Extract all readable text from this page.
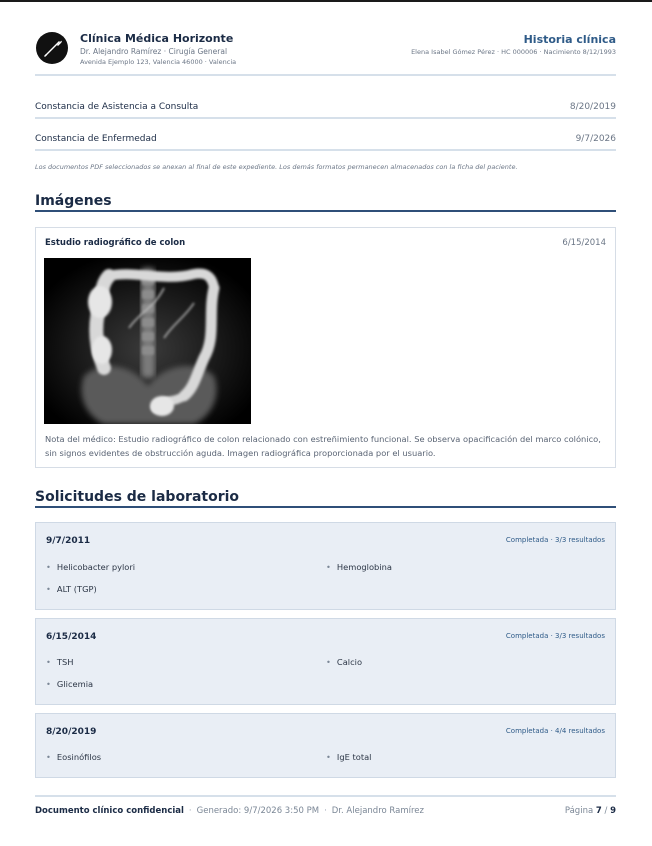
Clínica Médica Horizonte
Dr. Alejandro Ramírez · Cirugía General
Avenida Ejemplo 123, Valencia 46000 · Valencia
Historia clínica
Elena Isabel Gómez Pérez · HC 000006 · Nacimiento 8/12/1993
Constancia de Asistencia a Consulta	8/20/2019
Constancia de Enfermedad	9/7/2026
Los documentos PDF seleccionados se anexan al final de este expediente. Los demás formatos permanecen almacenados con la ficha del paciente.
Imágenes
Estudio radiográfico de colon	6/15/2014
Nota del médico: Estudio radiográfico de colon relacionado con estreñimiento funcional. Se observa opacificación del marco colónico, sin signos evidentes de obstrucción aguda. Imagen radiográfica proporcionada por el usuario.
Solicitudes de laboratorio
9/7/2011	Completada · 3/3 resultados
• Helicobacter pylori	• Hemoglobina
• ALT (TGP)
6/15/2014	Completada · 3/3 resultados
• TSH	• Calcio
• Glicemia
8/20/2019	Completada · 4/4 resultados
• Eosinófilos	• IgE total
Documento clínico confidencial · Generado: 9/7/2026 3:50 PM · Dr. Alejandro Ramírez	Página 7 / 9
